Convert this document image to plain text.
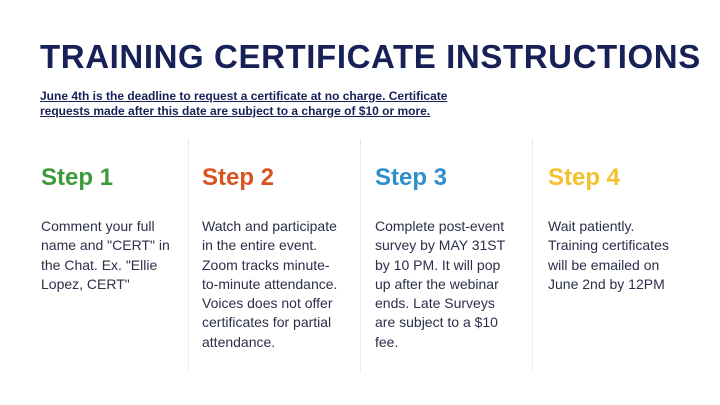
TRAINING CERTIFICATE INSTRUCTIONS
June 4th is the deadline to request a certificate at no charge. Certificate
requests made after this date are subject to a charge of $10 or more.
Step 1
Comment your full
name and "CERT" in
the Chat. Ex. "Ellie
Lopez, CERT"
Step 2
Watch and participate
in the entire event.
Zoom tracks minute-
to-minute attendance.
Voices does not offer
certificates for partial
attendance.
Step 3
Complete post-event
survey by MAY 31ST
by 10 PM. It will pop
up after the webinar
ends. Late Surveys
are subject to a $10
fee.
Step 4
Wait patiently.
Training certificates
will be emailed on
June 2nd by 12PM
